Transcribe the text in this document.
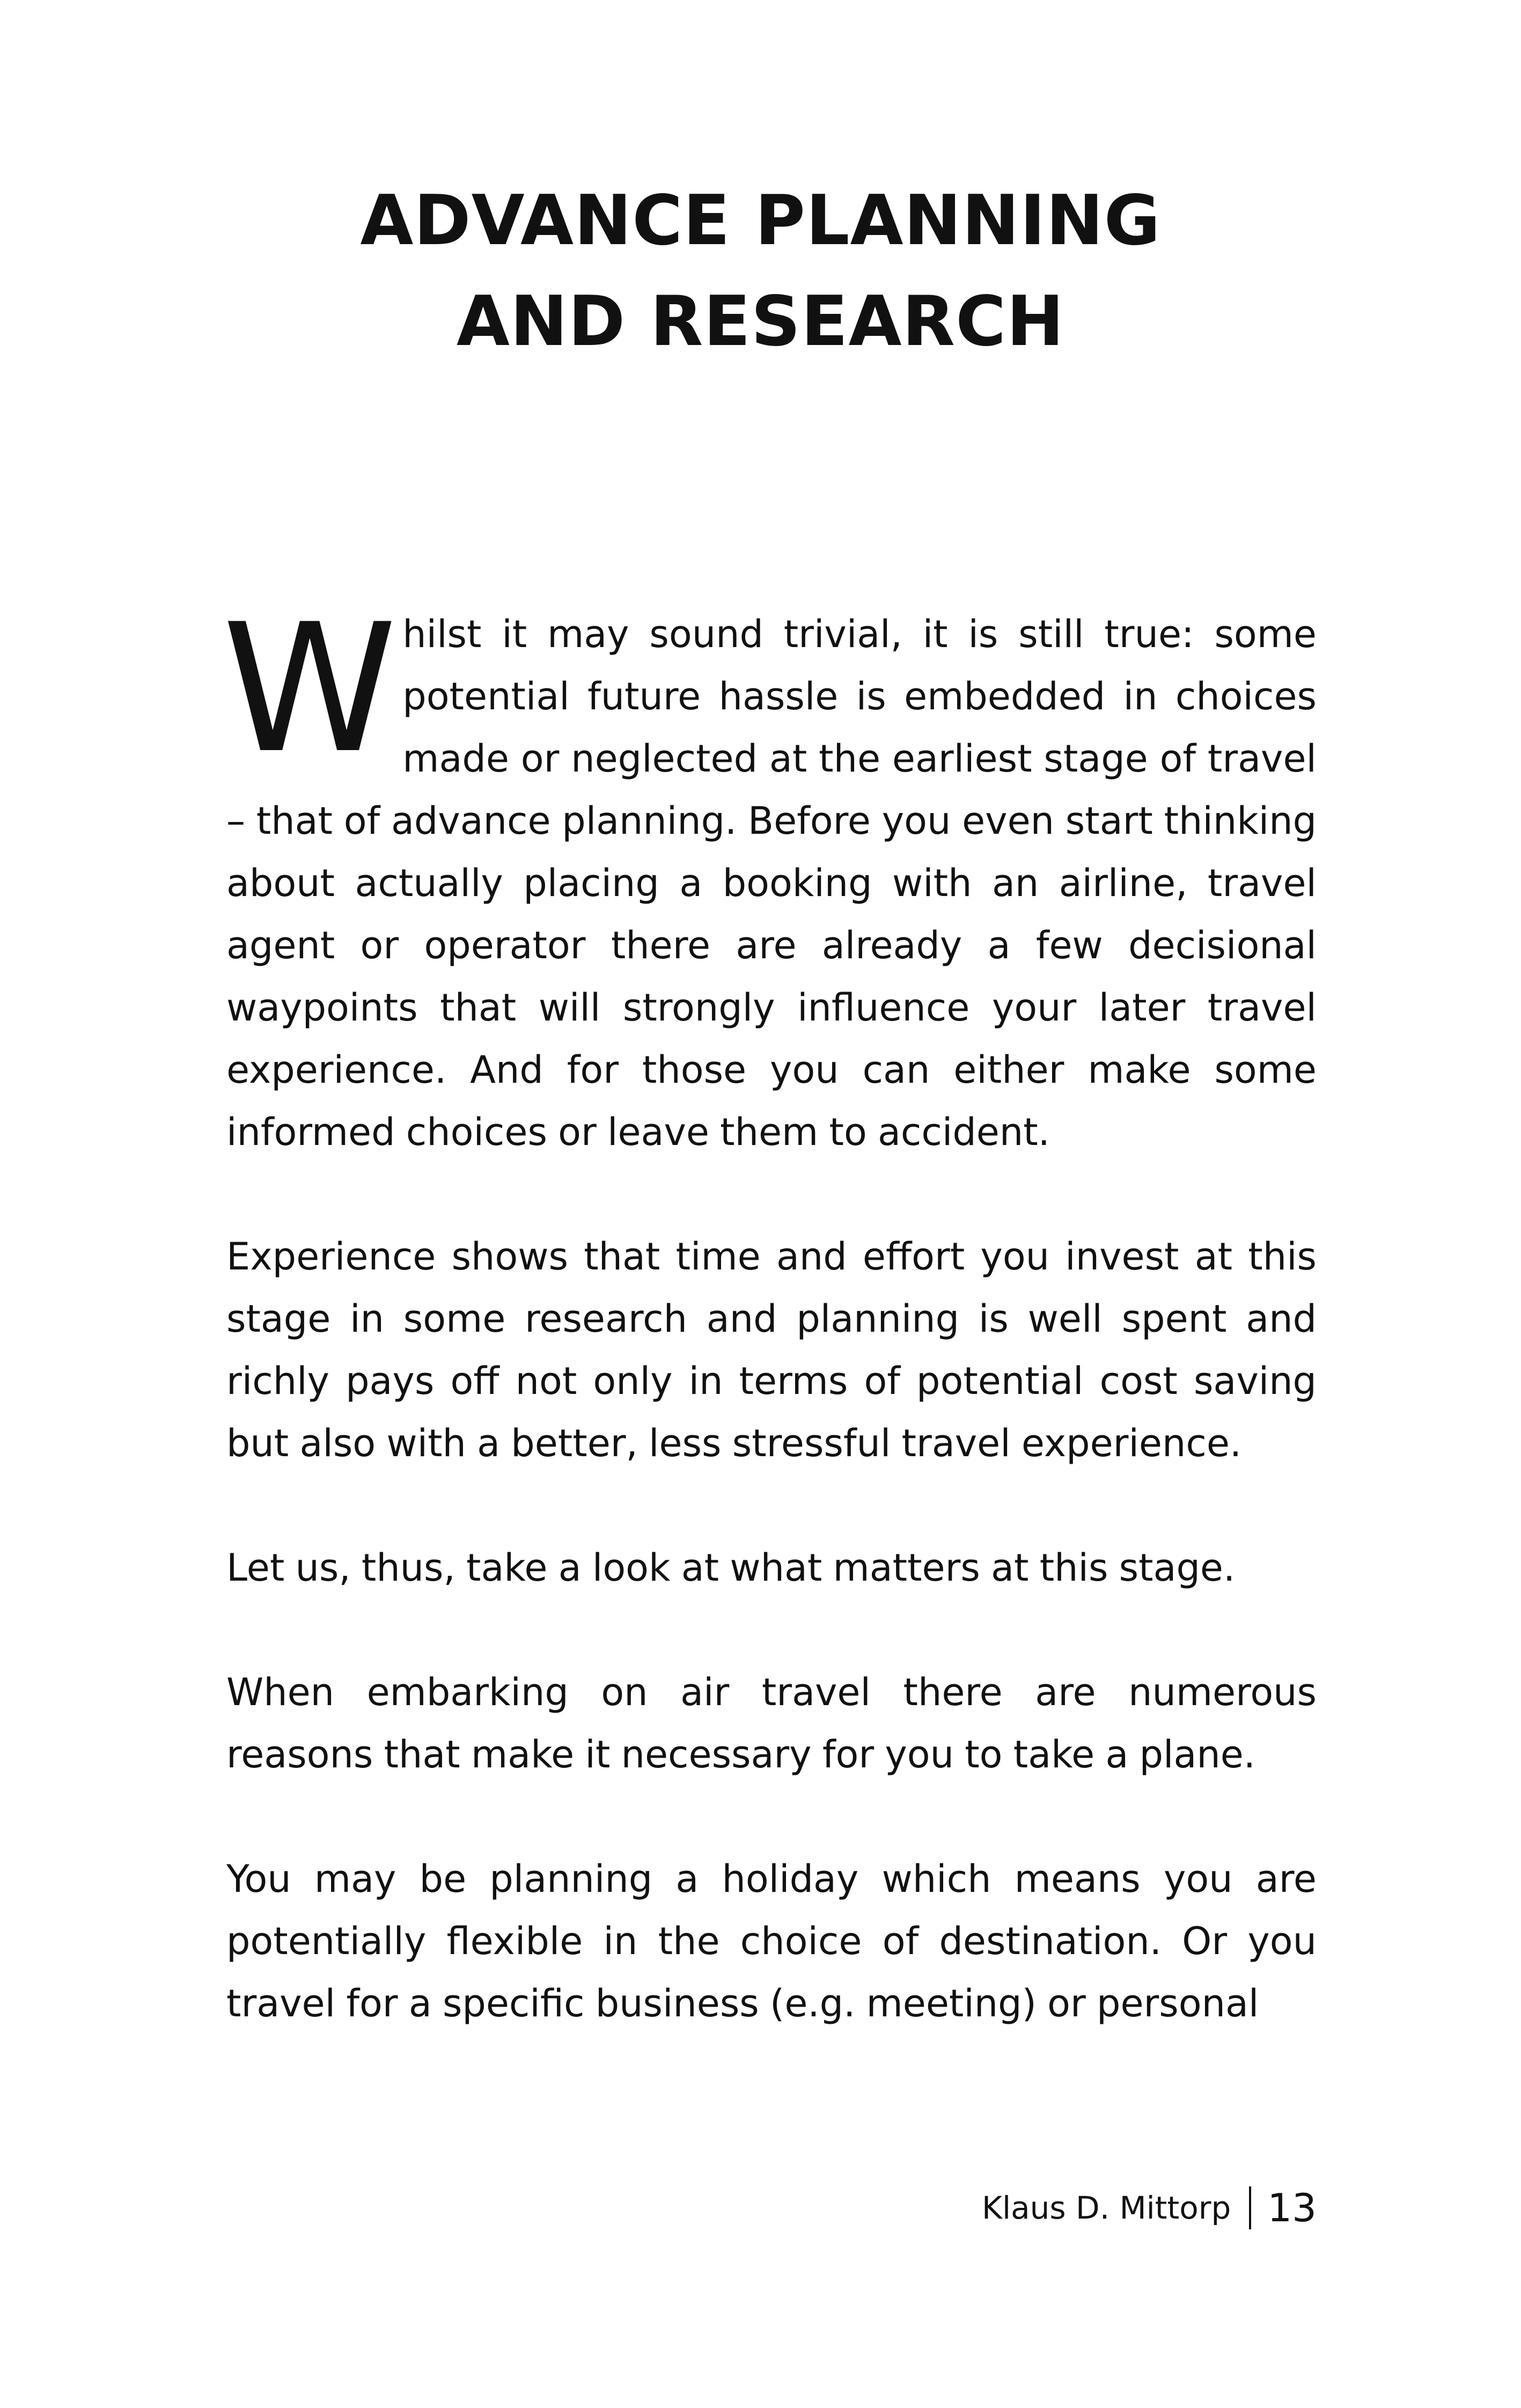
ADVANCE PLANNING
AND RESEARCH

Whilst it may sound trivial, it is still true: some potential future hassle is embedded in choices made or neglected at the earliest stage of travel – that of advance planning. Before you even start thinking about actually placing a booking with an airline, travel agent or operator there are already a few decisional waypoints that will strongly influence your later travel experience. And for those you can either make some informed choices or leave them to accident.

Experience shows that time and effort you invest at this stage in some research and planning is well spent and richly pays off not only in terms of potential cost saving but also with a better, less stressful travel experience.

Let us, thus, take a look at what matters at this stage.

When embarking on air travel there are numerous reasons that make it necessary for you to take a plane.

You may be planning a holiday which means you are potentially flexible in the choice of destination. Or you travel for a specific business (e.g. meeting) or personal

Klaus D. Mittorp 13
